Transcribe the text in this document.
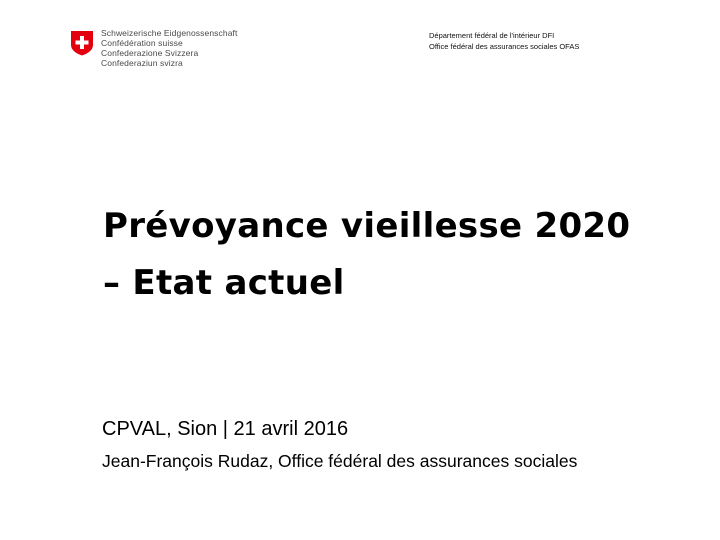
Schweizerische Eidgenossenschaft
Confédération suisse
Confederazione Svizzera
Confederaziun svizra
Département fédéral de l'intérieur DFI
Office fédéral des assurances sociales OFAS
Prévoyance vieillesse 2020
– Etat actuel
CPVAL, Sion | 21 avril 2016
Jean-François Rudaz, Office fédéral des assurances sociales
